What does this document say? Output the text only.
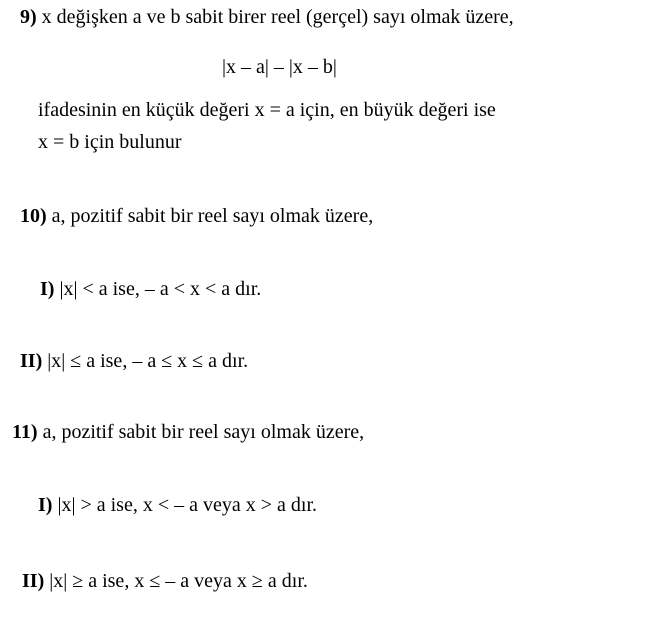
9) x değişken a ve b sabit birer reel (gerçel) sayı olmak üzere,
|x – a| – |x – b|
ifadesinin en küçük değeri x = a için, en büyük değeri ise
x = b için bulunur
10) a, pozitif sabit bir reel sayı olmak üzere,
I) |x| < a ise, – a < x < a dır.
II) |x| ≤ a ise, – a ≤ x ≤ a dır.
11) a, pozitif sabit bir reel sayı olmak üzere,
I) |x| > a ise, x < – a veya x > a dır.
II) |x| ≥ a ise, x ≤ – a veya x ≥ a dır.
